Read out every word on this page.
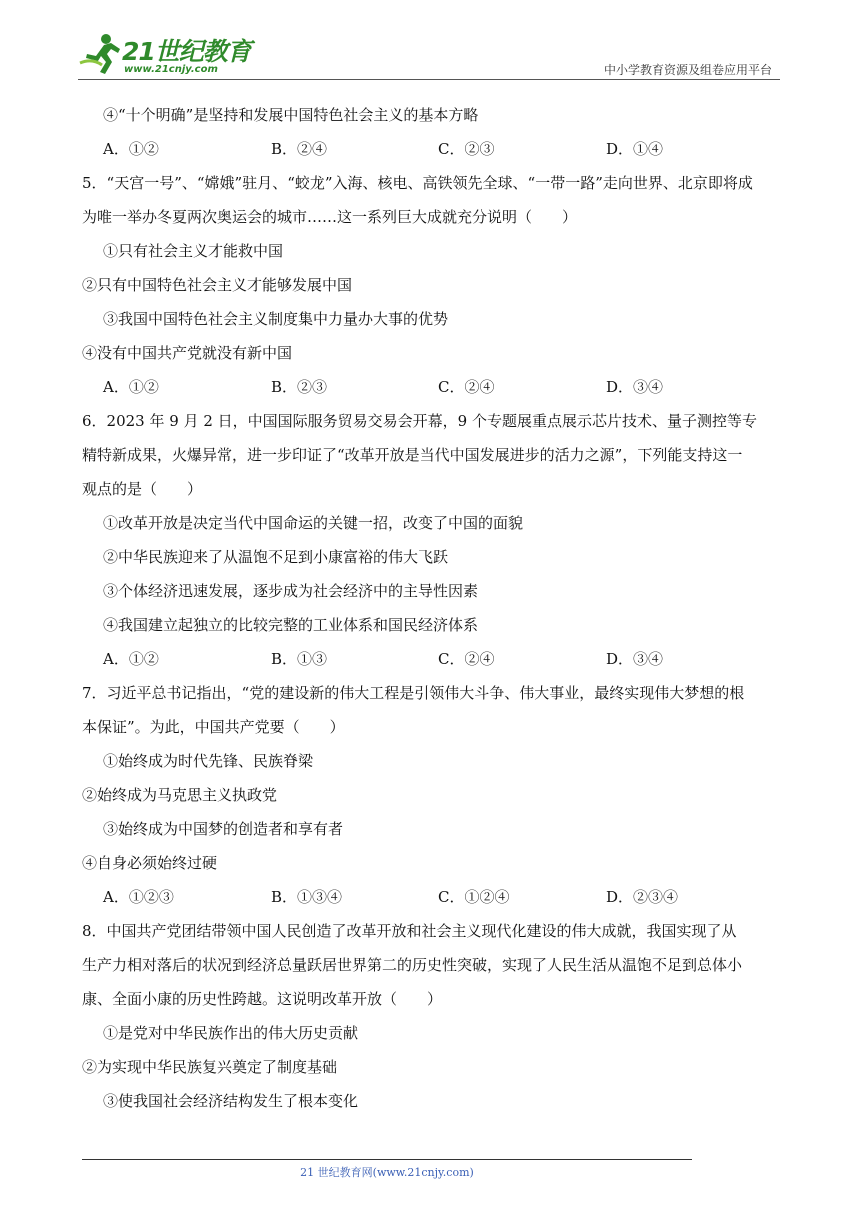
21世纪教育
www.21cnjy.com	中小学教育资源及组卷应用平台
④“十个明确”是坚持和发展中国特色社会主义的基本方略
A．①②	B．②④	C．②③	D．①④
5．“天宫一号”、“嫦娥”驻月、“蛟龙”入海、核电、高铁领先全球、“一带一路”走向世界、北京即将成
为唯一举办冬夏两次奥运会的城市……这一系列巨大成就充分说明（　　）
①只有社会主义才能救中国
②只有中国特色社会主义才能够发展中国
③我国中国特色社会主义制度集中力量办大事的优势
④没有中国共产党就没有新中国
A．①②	B．②③	C．②④	D．③④
6．2023 年 9 月 2 日，中国国际服务贸易交易会开幕，9 个专题展重点展示芯片技术、量子测控等专
精特新成果，火爆异常，进一步印证了“改革开放是当代中国发展进步的活力之源”，下列能支持这一
观点的是（　　）
①改革开放是决定当代中国命运的关键一招，改变了中国的面貌
②中华民族迎来了从温饱不足到小康富裕的伟大飞跃
③个体经济迅速发展，逐步成为社会经济中的主导性因素
④我国建立起独立的比较完整的工业体系和国民经济体系
A．①②	B．①③	C．②④	D．③④
7．习近平总书记指出，“党的建设新的伟大工程是引领伟大斗争、伟大事业，最终实现伟大梦想的根
本保证”。为此，中国共产党要（　　）
①始终成为时代先锋、民族脊梁
②始终成为马克思主义执政党
③始终成为中国梦的创造者和享有者
④自身必须始终过硬
A．①②③	B．①③④	C．①②④	D．②③④
8．中国共产党团结带领中国人民创造了改革开放和社会主义现代化建设的伟大成就，我国实现了从
生产力相对落后的状况到经济总量跃居世界第二的历史性突破，实现了人民生活从温饱不足到总体小
康、全面小康的历史性跨越。这说明改革开放（　　）
①是党对中华民族作出的伟大历史贡献
②为实现中华民族复兴奠定了制度基础
③使我国社会经济结构发生了根本变化
21 世纪教育网(www.21cnjy.com)
